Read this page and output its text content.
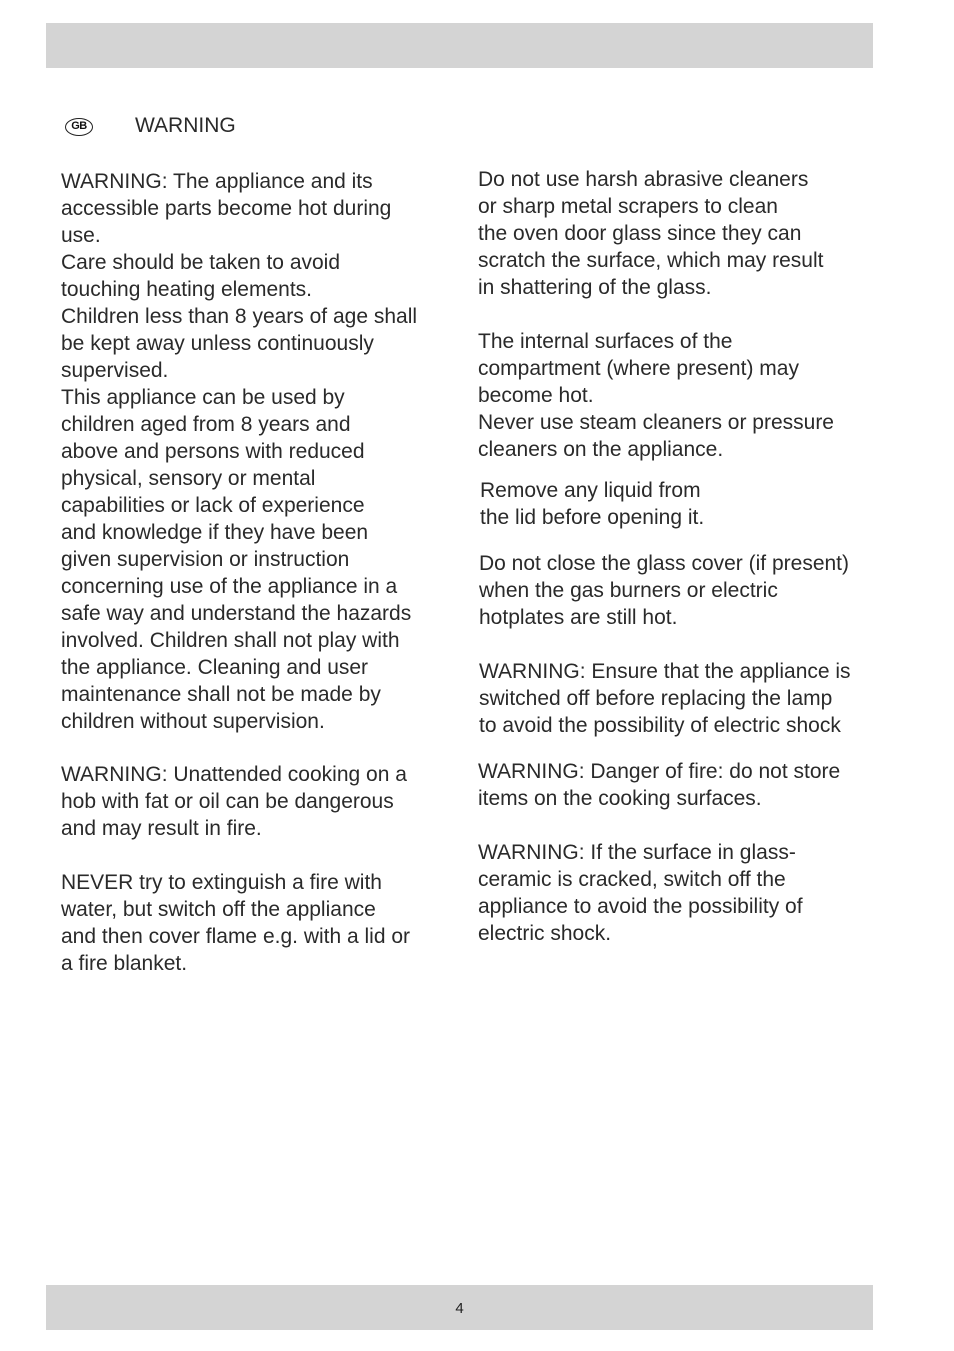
GB WARNING

WARNING: The appliance and its
accessible parts become hot during
use.
Care should be taken to avoid
touching heating elements.
Children less than 8 years of age shall
be kept away unless continuously
supervised.
This appliance can be used by
children aged from 8 years and
above and persons with reduced
physical, sensory or mental
capabilities or lack of experience
and knowledge if they have been
given supervision or instruction
concerning use of the appliance in a
safe way and understand the hazards
involved. Children shall not play with
the appliance. Cleaning and user
maintenance shall not be made by
children without supervision.

WARNING: Unattended cooking on a
hob with fat or oil can be dangerous
and may result in fire.

NEVER try to extinguish a fire with
water, but switch off the appliance
and then cover flame e.g. with a lid or
a fire blanket.

Do not use harsh abrasive cleaners
or sharp metal scrapers to clean
the oven door glass since they can
scratch the surface, which may result
in shattering of the glass.

The internal surfaces of the
compartment (where present) may
become hot.
Never use steam cleaners or pressure
cleaners on the appliance.

Remove any liquid from
the lid before opening it.

Do not close the glass cover (if present)
when the gas burners or electric
hotplates are still hot.

WARNING: Ensure that the appliance is
switched off before replacing the lamp
to avoid the possibility of electric shock

WARNING: Danger of fire: do not store
items on the cooking surfaces.

WARNING: If the surface in glass-
ceramic is cracked, switch off the
appliance to avoid the possibility of
electric shock.

4
